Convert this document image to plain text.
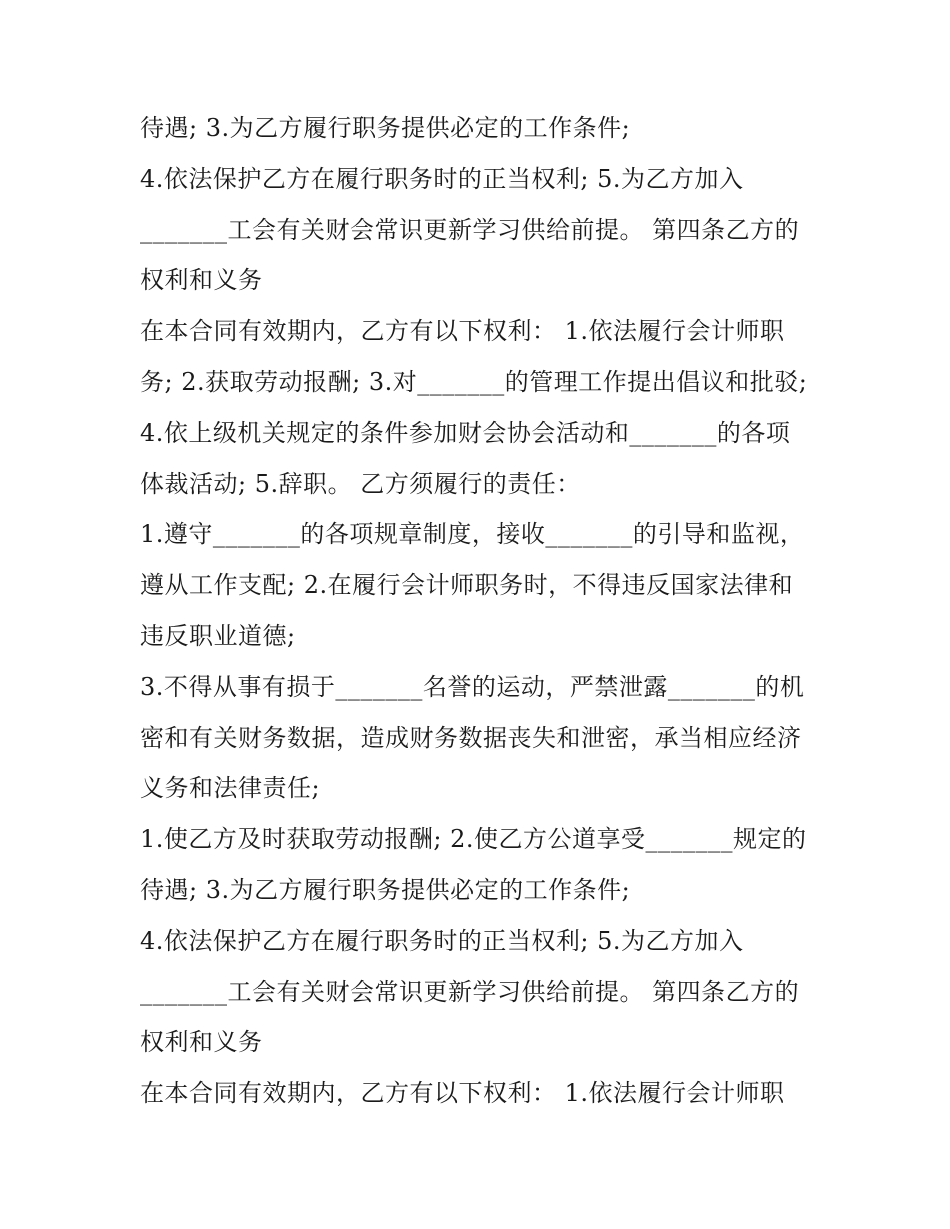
待遇; 3.为乙方履行职务提供必定的工作条件;
4.依法保护乙方在履行职务时的正当权利; 5.为乙方加入
_______工会有关财会常识更新学习供给前提。 第四条乙方的
权利和义务
在本合同有效期内，乙方有以下权利： 1.依法履行会计师职
务; 2.获取劳动报酬; 3.对_______的管理工作提出倡议和批驳;
4.依上级机关规定的条件参加财会协会活动和_______的各项
体裁活动; 5.辞职。 乙方须履行的责任：
1.遵守_______的各项规章制度，接收_______的引导和监视，
遵从工作支配; 2.在履行会计师职务时，不得违反国家法律和
违反职业道德;
3.不得从事有损于_______名誉的运动，严禁泄露_______的机
密和有关财务数据，造成财务数据丧失和泄密，承当相应经济
义务和法律责任;
1.使乙方及时获取劳动报酬; 2.使乙方公道享受_______规定的
待遇; 3.为乙方履行职务提供必定的工作条件;
4.依法保护乙方在履行职务时的正当权利; 5.为乙方加入
_______工会有关财会常识更新学习供给前提。 第四条乙方的
权利和义务
在本合同有效期内，乙方有以下权利： 1.依法履行会计师职
